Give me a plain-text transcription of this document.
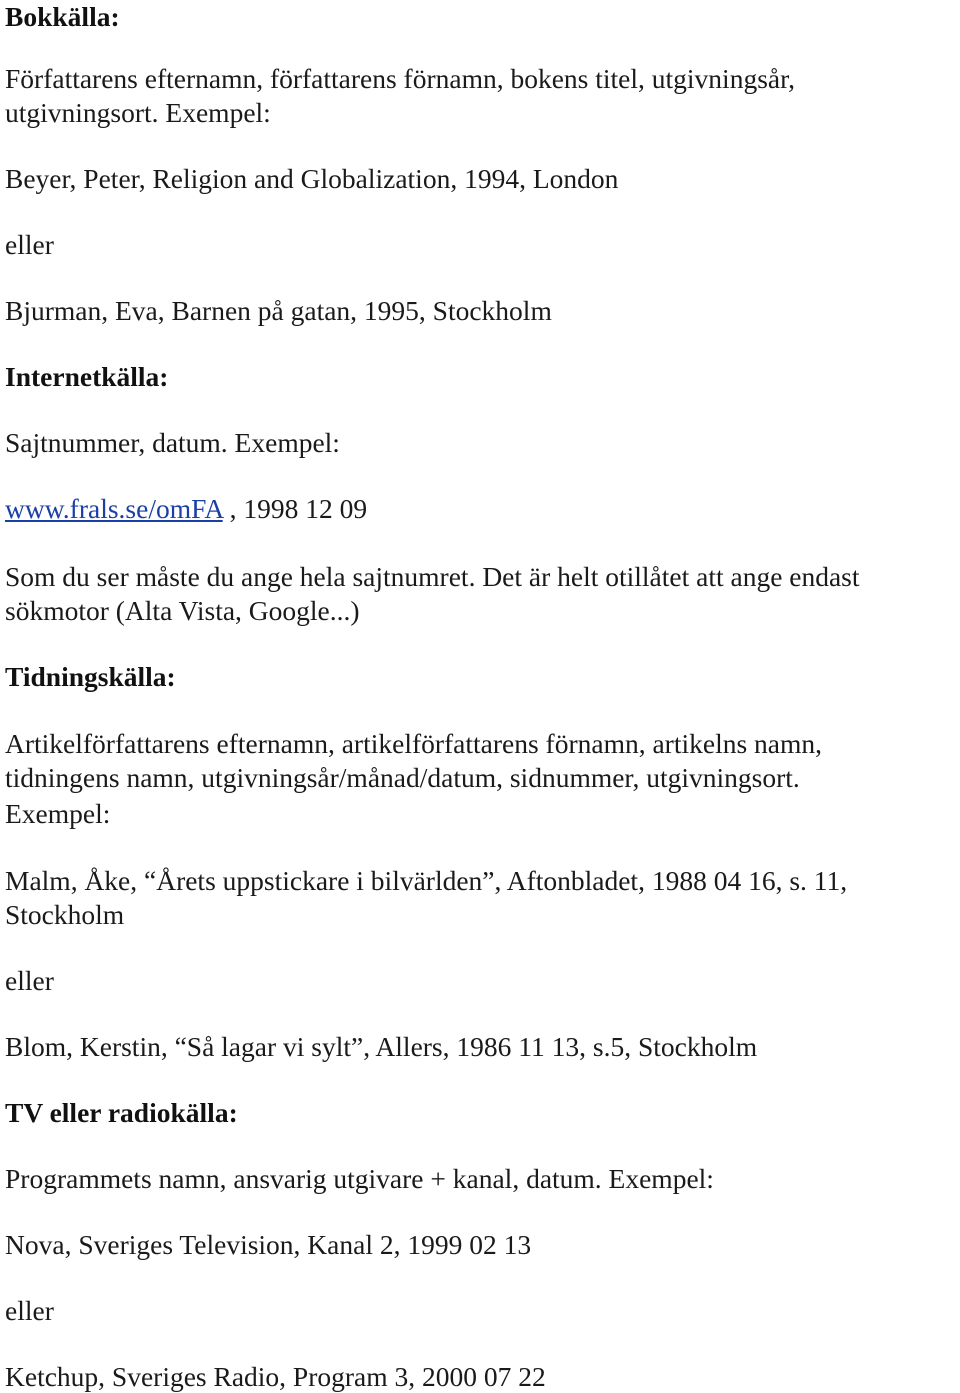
Bokkälla:

Författarens efternamn, författarens förnamn, bokens titel, utgivningsår,

utgivningsort. Exempel:

Beyer, Peter, Religion and Globalization, 1994, London

eller

Bjurman, Eva, Barnen på gatan, 1995, Stockholm

Internetkälla:

Sajtnummer, datum. Exempel:

www.frals.se/omFA , 1998 12 09

Som du ser måste du ange hela sajtnumret. Det är helt otillåtet att ange endast

sökmotor (Alta Vista, Google...)

Tidningskälla:

Artikelförfattarens efternamn, artikelförfattarens förnamn, artikelns namn,

tidningens namn, utgivningsår/månad/datum, sidnummer, utgivningsort.

Exempel:

Malm, Åke, “Årets uppstickare i bilvärlden”, Aftonbladet, 1988 04 16, s. 11,

Stockholm

eller

Blom, Kerstin, “Så lagar vi sylt”, Allers, 1986 11 13, s.5, Stockholm

TV eller radiokälla:

Programmets namn, ansvarig utgivare + kanal, datum. Exempel:

Nova, Sveriges Television, Kanal 2, 1999 02 13

eller

Ketchup, Sveriges Radio, Program 3, 2000 07 22
